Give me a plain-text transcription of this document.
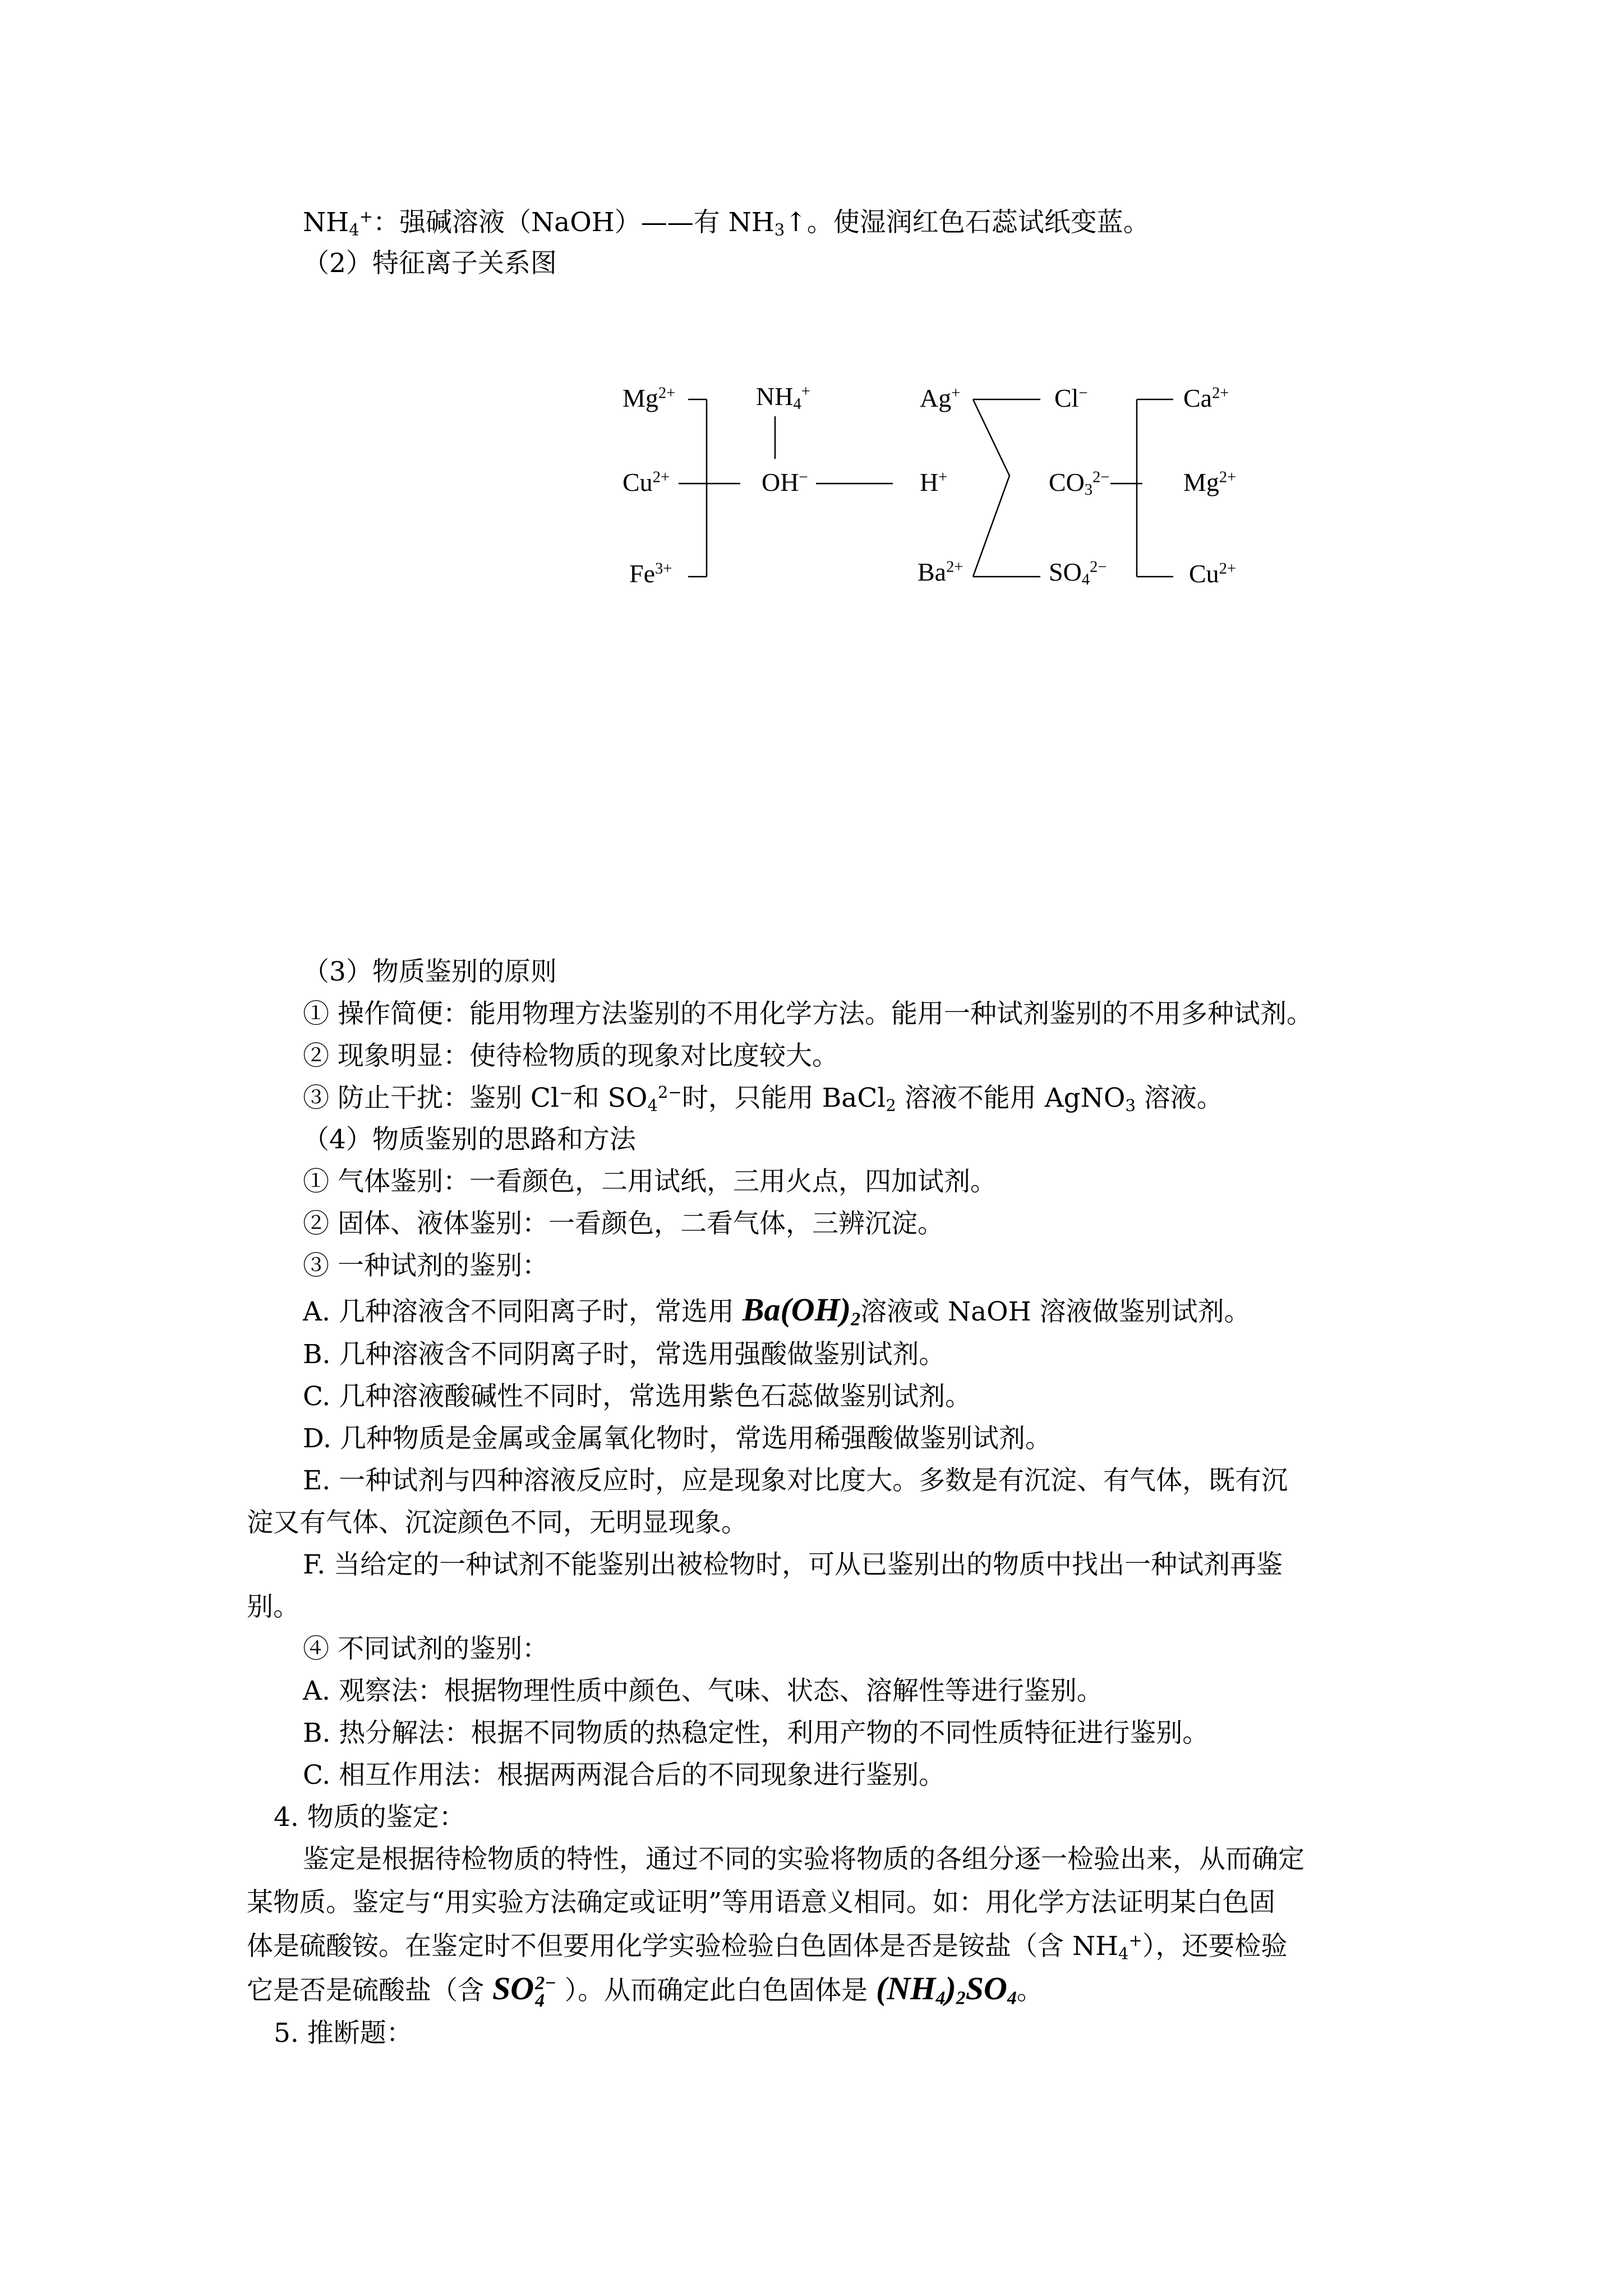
$NH_4^+$：强碱溶液（NaOH）——有 $NH_3↑$。使湿润红色石蕊试纸变蓝。
（2）特征离子关系图
$Mg^{2+}$
$Cu^{2+}$
$Fe^{3+}$
$NH_4^+$
OH−
Ag+
H+
$Ba^{2+}$
Cl−
$CO_3^{2-}$
$SO_4^{2-}$
$Ca^{2+}$
$Mg^{2+}$
$Cu^{2+}$
（3）物质鉴别的原则
① 操作简便：能用物理方法鉴别的不用化学方法。能用一种试剂鉴别的不用多种试剂。
② 现象明显：使待检物质的现象对比度较大。
③ 防止干扰：鉴别 Cl⁻和 $SO_4^{2-}$时，只能用 BaCl$_2$ 溶液不能用 AgNO$_3$ 溶液。
（4）物质鉴别的思路和方法
① 气体鉴别：一看颜色，二用试纸，三用火点，四加试剂。
② 固体、液体鉴别：一看颜色，二看气体，三辨沉淀。
③ 一种试剂的鉴别：
A. 几种溶液含不同阳离子时，常选用 $Ba(OH)_2$溶液或 NaOH 溶液做鉴别试剂。
B. 几种溶液含不同阴离子时，常选用强酸做鉴别试剂。
C. 几种溶液酸碱性不同时，常选用紫色石蕊做鉴别试剂。
D. 几种物质是金属或金属氧化物时，常选用稀强酸做鉴别试剂。
E. 一种试剂与四种溶液反应时，应是现象对比度大。多数是有沉淀、有气体，既有沉
淀又有气体、沉淀颜色不同，无明显现象。
F. 当给定的一种试剂不能鉴别出被检物时，可从已鉴别出的物质中找出一种试剂再鉴
别。
④ 不同试剂的鉴别：
A. 观察法：根据物理性质中颜色、气味、状态、溶解性等进行鉴别。
B. 热分解法：根据不同物质的热稳定性，利用产物的不同性质特征进行鉴别。
C. 相互作用法：根据两两混合后的不同现象进行鉴别。
4. 物质的鉴定：
鉴定是根据待检物质的特性，通过不同的实验将物质的各组分逐一检验出来，从而确定
某物质。鉴定与“用实验方法确定或证明”等用语意义相同。如：用化学方法证明某白色固
体是硫酸铵。在鉴定时不但要用化学实验检验白色固体是否是铵盐（含 $NH_4^+$），还要检验
它是否是硫酸盐（含 SO 2−
4 ）。从而确定此白色固体是 $(NH_4)_2SO_4$。
5. 推断题：
